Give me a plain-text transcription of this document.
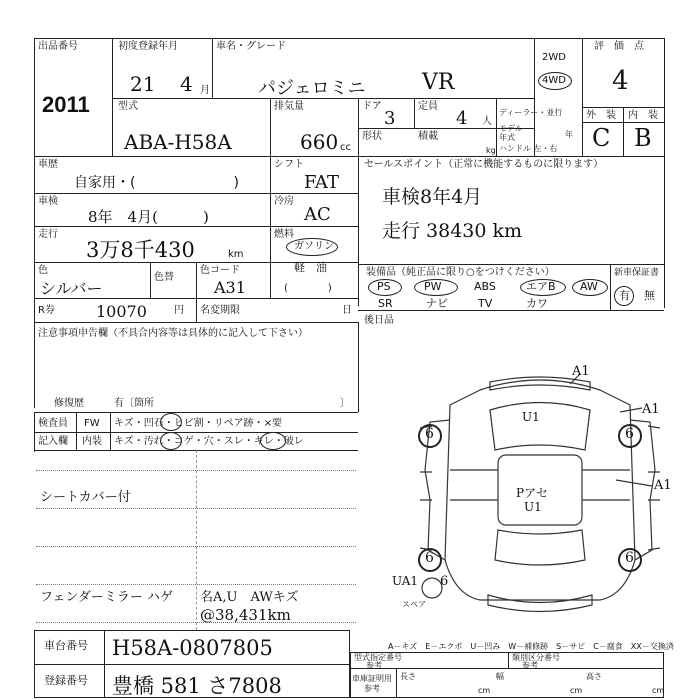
出品番号
2011
初度登録年月
21 4 月
車名・グレード
パジェロミニ	VR
2WD
4WD
評　価　点
4
外　装 内　装
C B
型式
ABA-H58A
排気量
660 cc
ドア
3
定員
4 人
形状	積載
kg
ディーラー・並行
モデル年式	年
ハンドル 左・右
車歴
自家用・(　　　　　　　)
シフト
FAT
車検
8年　4月(　　　)
冷房
AC
走行
3万8千430	km
燃料
ガソリン
軽　油
(　　　　)
色
シルバー
色替
色コード
A31
R券	10070	円 名変期限	日
セールスポイント（正常に機能するものに限ります）
車検8年4月
走行 38430 km
装備品（純正品に限り○をつけください）	新車保証書
PS	PW	ABS	エアB AW
SR	ナビ	TV	カワ
有 無
後日品
注意事項申告欄（不具合内容等は具体的に記入して下さい）
修復歴	有〔箇所	〕
検査員 FW キズ・凹石・ヒビ割・リペア跡・×要
記入欄 内装 キズ・汚れ・コゲ・穴・スレ・キレ・破レ
シートカバー付
フェンダーミラー ハゲ 名A,U　AWキズ
@38,431km
6	6
6	6
6
A1
A1
A1
U1
Pアセ
U1
UA1
スペア
A－キズ　E－エクボ　U－凹み　W－補修跡　S－サビ　C－腐食　XX－交換済
車台番号 H58A-0807805
登録番号 豊橋 581 さ7808
型式指定番号
参考
類別区分番号
参考
車庫証明用
参考
長さ
cm
幅
cm
高さ
cm
